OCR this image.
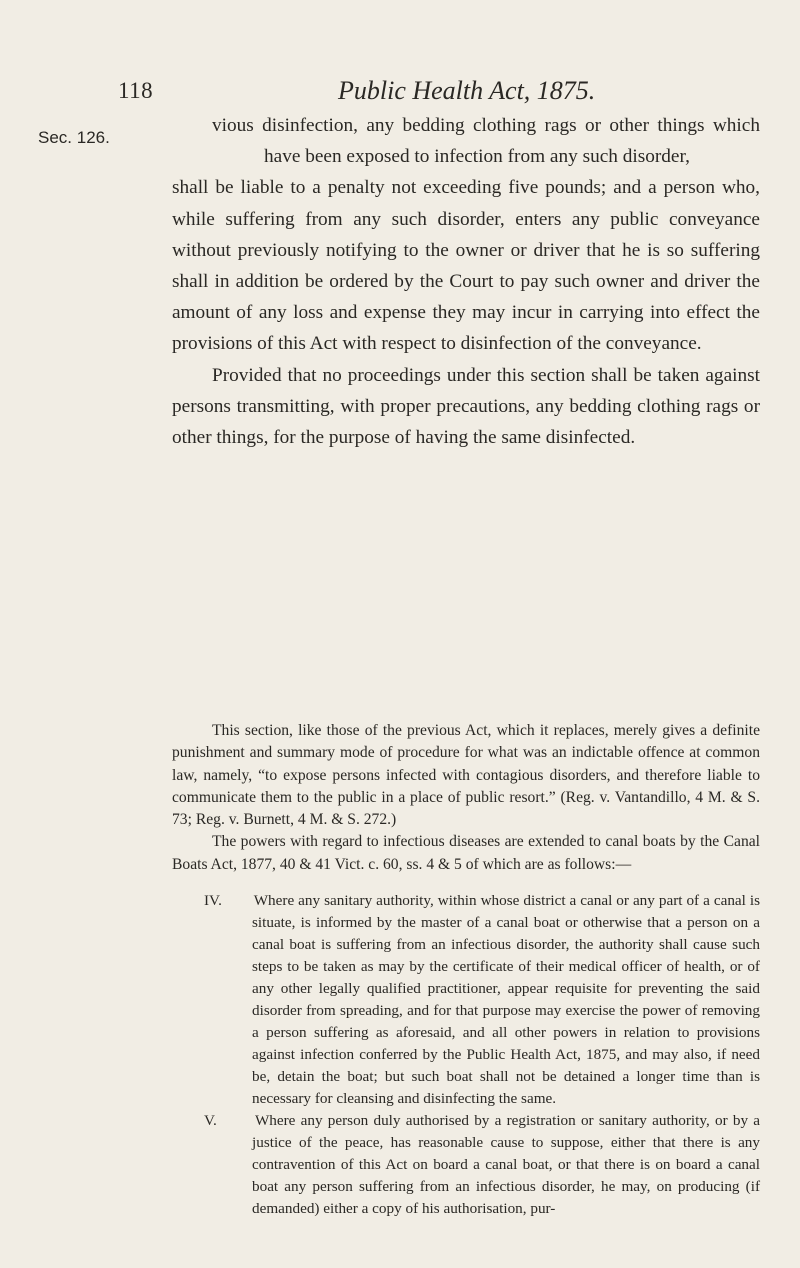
118	Public Health Act, 1875.
Sec. 126.

vious disinfection, any bedding clothing rags or other things which have been exposed to infection from any such disorder,

shall be liable to a penalty not exceeding five pounds; and a person who, while suffering from any such disorder, enters any public conveyance without previously notifying to the owner or driver that he is so suffering shall in addition be ordered by the Court to pay such owner and driver the amount of any loss and expense they may incur in carrying into effect the provisions of this Act with respect to disinfection of the conveyance.

Provided that no proceedings under this section shall be taken against persons transmitting, with proper precautions, any bedding clothing rags or other things, for the purpose of having the same disinfected.

This section, like those of the previous Act, which it replaces, merely gives a definite punishment and summary mode of procedure for what was an indictable offence at common law, namely, “to expose persons infected with contagious disorders, and therefore liable to communicate them to the public in a place of public resort.” (Reg. v. Vantandillo, 4 M. & S. 73; Reg. v. Burnett, 4 M. & S. 272.)

The powers with regard to infectious diseases are extended to canal boats by the Canal Boats Act, 1877, 40 & 41 Vict. c. 60, ss. 4 & 5 of which are as follows:—

IV. Where any sanitary authority, within whose district a canal or any part of a canal is situate, is informed by the master of a canal boat or otherwise that a person on a canal boat is suffering from an infectious disorder, the authority shall cause such steps to be taken as may by the certificate of their medical officer of health, or of any other legally qualified practitioner, appear requisite for preventing the said disorder from spreading, and for that purpose may exercise the power of removing a person suffering as aforesaid, and all other powers in relation to provisions against infection conferred by the Public Health Act, 1875, and may also, if need be, detain the boat; but such boat shall not be detained a longer time than is necessary for cleansing and disinfecting the same.

V.	Where any person duly authorised by a registration or sanitary authority, or by a justice of the peace, has reasonable cause to suppose, either that there is any contravention of this Act on board a canal boat, or that there is on board a canal boat any person suffering from an infectious disorder, he may, on producing (if demanded) either a copy of his authorisation, pur-
